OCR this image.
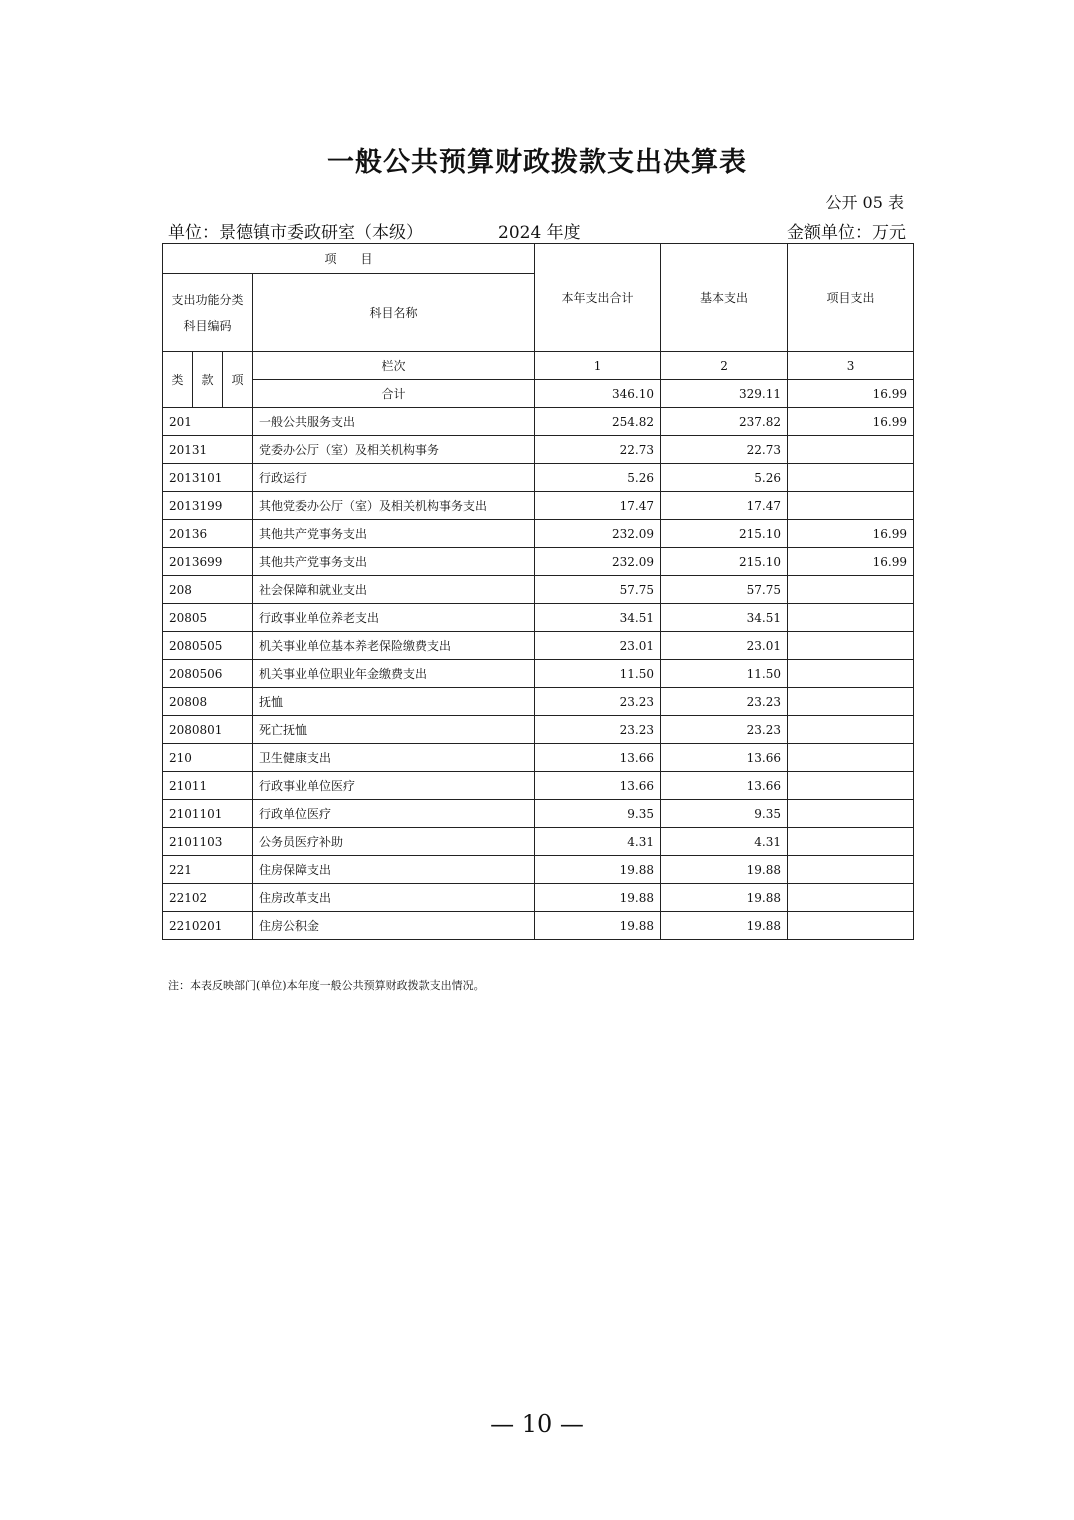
一般公共预算财政拨款支出决算表
公开 05 表
单位：景德镇市委政研室（本级）	2024 年度	金额单位：万元
项　　目				本年支出合计	基本支出	项目支出
支出功能分类科目编码			科目名称			
类	款	项	栏次	1	2	3
			合计	346.10	329.11	16.99
201			一般公共服务支出	254.82	237.82	16.99
20131			党委办公厅（室）及相关机构事务	22.73	22.73	
2013101			行政运行	5.26	5.26	
2013199			其他党委办公厅（室）及相关机构事务支出	17.47	17.47	
20136			其他共产党事务支出	232.09	215.10	16.99
2013699			其他共产党事务支出	232.09	215.10	16.99
208			社会保障和就业支出	57.75	57.75	
20805			行政事业单位养老支出	34.51	34.51	
2080505			机关事业单位基本养老保险缴费支出	23.01	23.01	
2080506			机关事业单位职业年金缴费支出	11.50	11.50	
20808			抚恤	23.23	23.23	
2080801			死亡抚恤	23.23	23.23	
210			卫生健康支出	13.66	13.66	
21011			行政事业单位医疗	13.66	13.66	
2101101			行政单位医疗	9.35	9.35	
2101103			公务员医疗补助	4.31	4.31	
221			住房保障支出	19.88	19.88	
22102			住房改革支出	19.88	19.88	
2210201			住房公积金	19.88	19.88	
注：本表反映部门(单位)本年度一般公共预算财政拨款支出情况。
— 10 —
